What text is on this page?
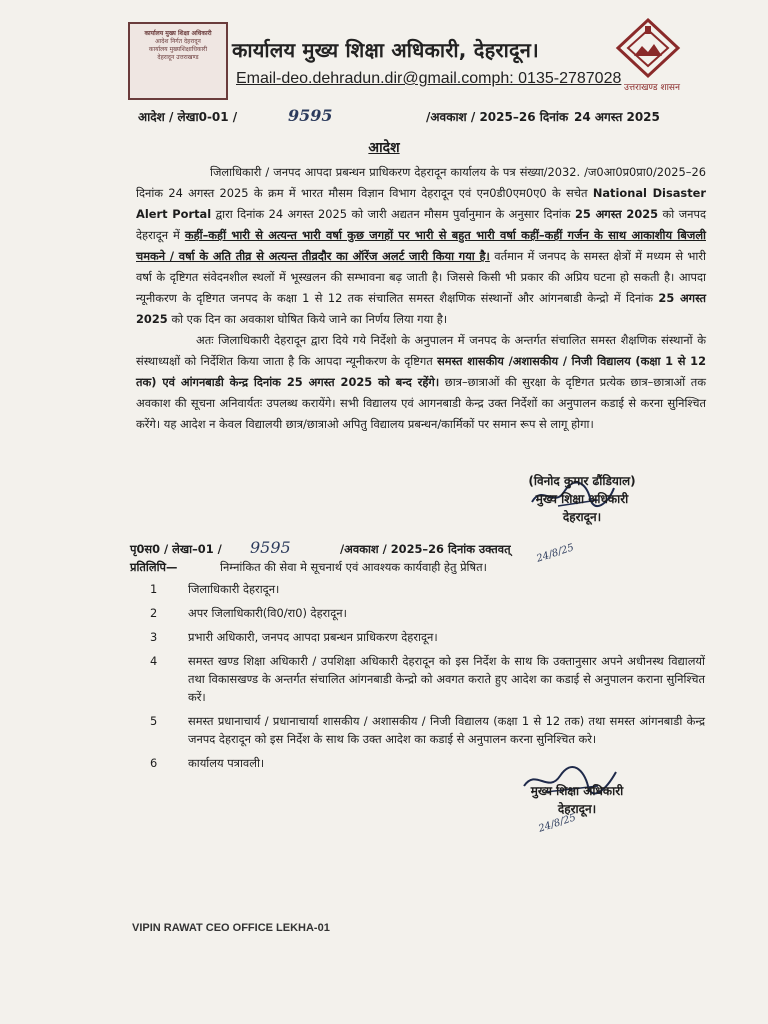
कार्यालय मुख्य शिक्षा अधिकारी
आदेश निर्गत देहरादून
कार्यालय मुख्यशिक्षाधिकारी
देहरादून उत्तराखण्ड	कार्यालय मुख्य शिक्षा अधिकारी, देहरादून।
Email-deo.dehradun.dir@gmail.comph: 0135-2787028
उत्तराखण्ड शासन
आदेश / लेखा0-01 /	9595	/अवकाश / 2025–26 दिनांक 24 अगस्त 2025
आदेश

जिलाधिकारी / जनपद आपदा प्रबन्धन प्राधिकरण देहरादून कार्यालय के पत्र संख्या/2032. /ज0आ0प्र0प्रा0/2025–26 दिनांक 24 अगस्त 2025 के क्रम में भारत मौसम विज्ञान विभाग देहरादून एवं एन0डी0एम0ए0 के सचेत National Disaster Alert Portal द्वारा दिनांक 24 अगस्त 2025 को जारी अद्यतन मौसम पुर्वानुमान के अनुसार दिनांक 25 अगस्त 2025 को जनपद देहरादून में कहीं–कहीं भारी से अत्यन्त भारी वर्षा कुछ जगहों पर भारी से बहुत भारी वर्षा कहीं–कहीं गर्जन के साथ आकाशीय बिजली चमकने / वर्षा के अति तीव्र से अत्यन्त तीव्रदौर का ऑरेंज अलर्ट जारी किया गया है। वर्तमान में जनपद के समस्त क्षेत्रों में मध्यम से भारी वर्षा के दृष्टिगत संवेदनशील स्थलों में भूस्खलन की सम्भावना बढ़ जाती है। जिससे किसी भी प्रकार की अप्रिय घटना हो सकती है। आपदा न्यूनीकरण के दृष्टिगत जनपद के कक्षा 1 से 12 तक संचालित समस्त शैक्षणिक संस्थानों और आंगनबाडी केन्द्रो में दिनांक 25 अगस्त 2025 को एक दिन का अवकाश घोषित किये जाने का निर्णय लिया गया है।

अतः जिलाधिकारी देहरादून द्वारा दिये गये निर्देशो के अनुपालन में जनपद के अन्तर्गत संचालित समस्त शैक्षणिक संस्थानों के संस्थाध्यक्षों को निर्देशित किया जाता है कि आपदा न्यूनीकरण के दृष्टिगत समस्त शासकीय /अशासकीय / निजी विद्यालय (कक्षा 1 से 12 तक) एवं आंगनबाडी केन्द्र दिनांक 25 अगस्त 2025 को बन्द रहेंगे। छात्र–छात्राओं की सुरक्षा के दृष्टिगत प्रत्येक छात्र–छात्राओं तक अवकाश की सूचना अनिवार्यतः उपलब्ध करायेंगे। सभी विद्यालय एवं आगनबाडी केन्द्र उक्त निर्देशों का अनुपालन कडाई से करना सुनिश्चित करेंगे। यह आदेश न केवल विद्यालयी छात्र/छात्राओ अपितु विद्यालय प्रबन्धन/कार्मिकों पर समान रूप से लागू होगा।

(विनोद कुमार ढौंडियाल)
मुख्य शिक्षा अधिकारी
देहरादून।
24/8/25
पृ0स0 / लेखा–01 / 9595	/अवकाश / 2025–26 दिनांक उक्तवत्
प्रतिलिपि—	निम्नांकित की सेवा मे सूचनार्थ एवं आवश्यक कार्यवाही हेतु प्रेषित।
1	जिलाधिकारी देहरादून।
2	अपर जिलाधिकारी(वि0/रा0) देहरादून।
3	प्रभारी अधिकारी, जनपद आपदा प्रबन्धन प्राधिकरण देहरादून।
4	समस्त खण्ड शिक्षा अधिकारी / उपशिक्षा अधिकारी देहरादून को इस निर्देश के साथ कि उक्तानुसार अपने अधीनस्थ विद्यालयों तथा विकासखण्ड के अन्तर्गत संचालित आंगनबाडी केन्द्रो को अवगत कराते हुए आदेश का कडाई से अनुपालन कराना सुनिश्चित करें।
5	समस्त प्रधानाचार्य / प्रधानाचार्या शासकीय / अशासकीय / निजी विद्यालय (कक्षा 1 से 12 तक) तथा समस्त आंगनबाडी केन्द्र जनपद देहरादून को इस निर्देश के साथ कि उक्त आदेश का कडाई से अनुपालन करना सुनिश्चित करे।
6	कार्यालय पत्रावली।
मुख्य शिक्षा अधिकारी
देहरादून।
24/8/25
VIPIN RAWAT CEO OFFICE LEKHA-01
